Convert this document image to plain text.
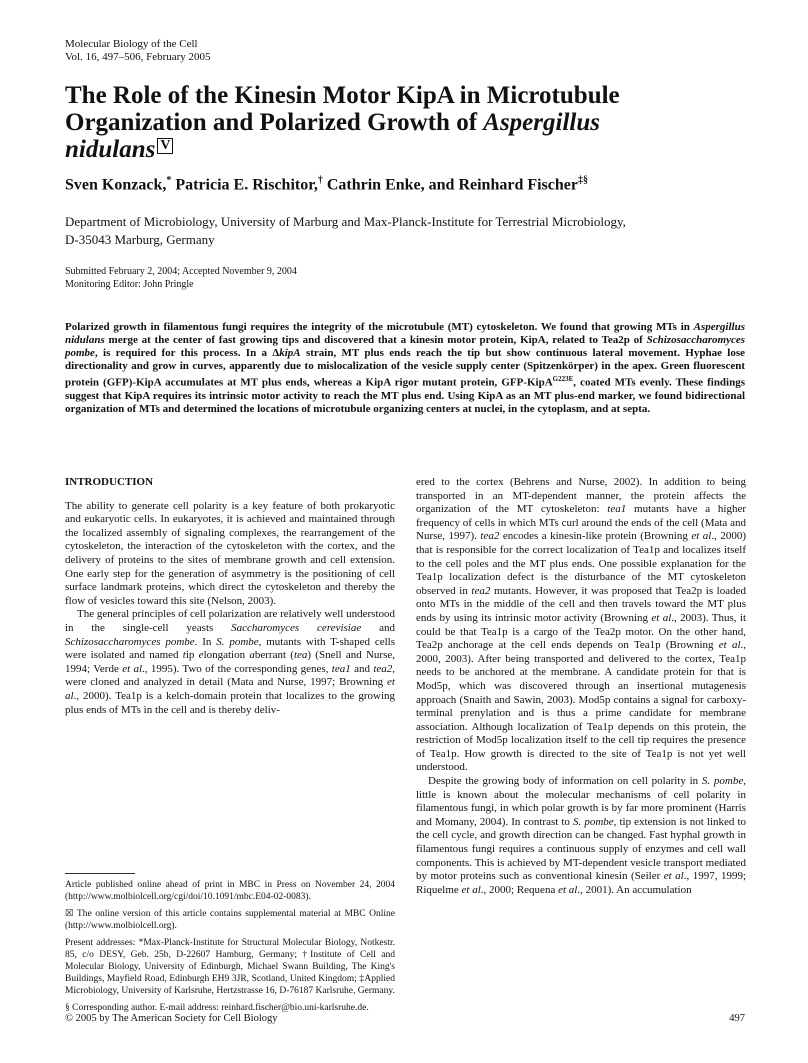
Molecular Biology of the Cell
Vol. 16, 497–506, February 2005
The Role of the Kinesin Motor KipA in Microtubule
Organization and Polarized Growth of Aspergillus
nidulans V
Sven Konzack,* Patricia E. Rischitor,† Cathrin Enke, and Reinhard Fischer‡§
Department of Microbiology, University of Marburg and Max-Planck-Institute for Terrestrial Microbiology,
D-35043 Marburg, Germany
Submitted February 2, 2004; Accepted November 9, 2004
Monitoring Editor: John Pringle
Polarized growth in filamentous fungi requires the integrity of the microtubule (MT) cytoskeleton. We found that growing MTs in Aspergillus nidulans merge at the center of fast growing tips and discovered that a kinesin motor protein, KipA, related to Tea2p of Schizosaccharomyces pombe, is required for this process. In a ΔkipA strain, MT plus ends reach the tip but show continuous lateral movement. Hyphae lose directionality and grow in curves, apparently due to mislocalization of the vesicle supply center (Spitzenkörper) in the apex. Green fluorescent protein (GFP)-KipA accumulates at MT plus ends, whereas a KipA rigor mutant protein, GFP-KipA$^{G223E}$, coated MTs evenly. These findings suggest that KipA requires its intrinsic motor activity to reach the MT plus end. Using KipA as an MT plus-end marker, we found bidirectional organization of MTs and determined the locations of microtubule organizing centers at nuclei, in the cytoplasm, and at septa.

INTRODUCTION

The ability to generate cell polarity is a key feature of both prokaryotic and eukaryotic cells. In eukaryotes, it is achieved and maintained through the localized assembly of signaling complexes, the rearrangement of the cytoskeleton, the interaction of the cytoskeleton with the cortex, and the delivery of proteins to the sites of membrane growth and cell extension. One early step for the generation of asymmetry is the positioning of cell surface landmark proteins, which direct the cytoskeleton and thereby the flow of vesicles toward this site (Nelson, 2003).

The general principles of cell polarization are relatively well understood in the single-cell yeasts Saccharomyces cerevisiae and Schizosaccharomyces pombe. In S. pombe, mutants with T-shaped cells were isolated and named tip elongation aberrant (tea) (Snell and Nurse, 1994; Verde et al., 1995). Two of the corresponding genes, tea1 and tea2, were cloned and analyzed in detail (Mata and Nurse, 1997; Browning et al., 2000). Tea1p is a kelch-domain protein that localizes to the growing plus ends of MTs in the cell and is thereby deliv-

Article published online ahead of print in MBC in Press on November 24, 2004 (http://www.molbiolcell.org/cgi/doi/10.1091/mbc.E04-02-0083).

☒ The online version of this article contains supplemental material at MBC Online (http://www.molbiolcell.org).

Present addresses: *Max-Planck-Institute for Structural Molecular Biology, Notkestr. 85, c/o DESY, Geb. 25b, D-22607 Hamburg, Germany; †Institute of Cell and Molecular Biology, University of Edinburgh, Michael Swann Building, The King's Buildings, Mayfield Road, Edinburgh EH9 3JR, Scotland, United Kingdom; ‡Applied Microbiology, University of Karlsruhe, Hertzstrasse 16, D-76187 Karlsruhe, Germany.

§ Corresponding author. E-mail address: reinhard.fischer@bio.uni-karlsruhe.de.

ered to the cortex (Behrens and Nurse, 2002). In addition to being transported in an MT-dependent manner, the protein affects the organization of the MT cytoskeleton: tea1 mutants have a higher frequency of cells in which MTs curl around the ends of the cell (Mata and Nurse, 1997). tea2 encodes a kinesin-like protein (Browning et al., 2000) that is responsible for the correct localization of Tea1p and localizes itself to the cell poles and the MT plus ends. One possible explanation for the Tea1p localization defect is the disturbance of the MT cytoskeleton observed in tea2 mutants. However, it was proposed that Tea2p is loaded onto MTs in the middle of the cell and then travels toward the MT plus ends by using its intrinsic motor activity (Browning et al., 2003). Thus, it could be that Tea1p is a cargo of the Tea2p motor. On the other hand, Tea2p anchorage at the cell ends depends on Tea1p (Browning et al., 2000, 2003). After being transported and delivered to the cortex, Tea1p needs to be anchored at the membrane. A candidate protein for that is Mod5p, which was discovered through an insertional mutagenesis approach (Snaith and Sawin, 2003). Mod5p contains a signal for carboxy-terminal prenylation and is thus a prime candidate for membrane association. Although localization of Tea1p depends on this protein, the restriction of Mod5p localization itself to the cell tip requires the presence of Tea1p. How growth is directed to the site of Tea1p is not yet well understood.

Despite the growing body of information on cell polarity in S. pombe, little is known about the molecular mechanisms of cell polarity in filamentous fungi, in which polar growth is by far more prominent (Harris and Momany, 2004). In contrast to S. pombe, tip extension is not linked to the cell cycle, and growth direction can be changed. Fast hyphal growth in filamentous fungi requires a continuous supply of enzymes and cell wall components. This is achieved by MT-dependent vesicle transport mediated by motor proteins such as conventional kinesin (Seiler et al., 1997, 1999; Riquelme et al., 2000; Requena et al., 2001). An accumulation

© 2005 by The American Society for Cell Biology	497
